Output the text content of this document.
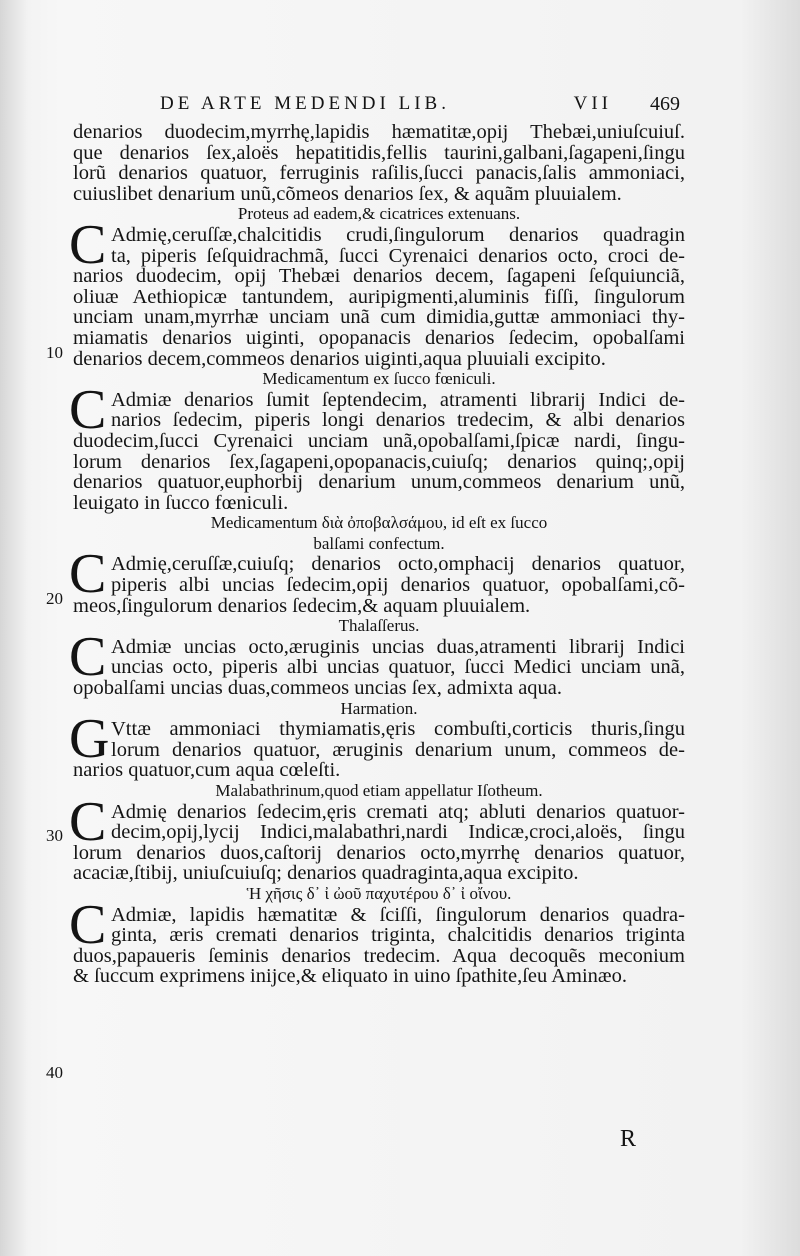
DE ARTE MEDENDI LIB.	VII 469
denarios duodecim,myrrhę,lapidis hæmatitæ,opij Thebæi,uniuſcuiuſ.
que denarios ſex,aloës hepatitidis,fellis taurini,galbani,ſagapeni,ſingu
lorũ denarios quatuor, ferruginis raſilis,ſucci panacis,ſalis ammoniaci,
cuiuslibet denarium unũ,cõmeos denarios ſex, & aquãm pluuialem.
Proteus ad eadem,& cicatrices extenuans.
C Admię,ceruſſæ,chalcitidis crudi,ſingulorum denarios quadragin
ta, piperis ſeſquidrachmã, ſucci Cyrenaici denarios octo, croci de-
narios duodecim, opij Thebæi denarios decem, ſagapeni ſeſquiunciã,
oliuæ Aethiopicæ tantundem, auripigmenti,aluminis fiſſi, ſingulorum
unciam unam,myrrhæ unciam unã cum dimidia,guttæ ammoniaci thy-
miamatis denarios uiginti, opopanacis denarios ſedecim, opobalſami
denarios decem,commeos denarios uiginti,aqua pluuiali excipito.
Medicamentum ex ſucco fœniculi.
C Admiæ denarios ſumit ſeptendecim, atramenti librarij Indici de-
narios ſedecim, piperis longi denarios tredecim, & albi denarios
duodecim,ſucci Cyrenaici unciam unã,opobalſami,ſpicæ nardi, ſingu-
lorum denarios ſex,ſagapeni,opopanacis,cuiuſq; denarios quinq;,opij
denarios quatuor,euphorbij denarium unum,commeos denarium unũ,
leuigato in ſucco fœniculi.
Medicamentum διὰ ὀποβαλσάμου, id eſt ex ſucco
balſami confectum.
C Admię,ceruſſæ,cuiuſq; denarios octo,omphacij denarios quatuor,
piperis albi uncias ſedecim,opij denarios quatuor, opobalſami,cõ-
meos,ſingulorum denarios ſedecim,& aquam pluuialem.
Thalaſſerus.
C Admiæ uncias octo,æruginis uncias duas,atramenti librarij Indici
uncias octo, piperis albi uncias quatuor, ſucci Medici unciam unã,
opobalſami uncias duas,commeos uncias ſex, admixta aqua.
Harmation.
G Vttæ ammoniaci thymiamatis,ęris combuſti,corticis thuris,ſingu
lorum denarios quatuor, æruginis denarium unum, commeos de-
narios quatuor,cum aqua cœleſti.
Malabathrinum,quod etiam appellatur Iſotheum.
C Admię denarios ſedecim,ęris cremati atq; abluti denarios quatuor-
decim,opij,lycij Indici,malabathri,nardi Indicæ,croci,aloës, ſingu
lorum denarios duos,caſtorij denarios octo,myrrhę denarios quatuor,
acaciæ,ſtibij, uniuſcuiuſq; denarios quadraginta,aqua excipito.
Ἡ χῆσις δ᾽ ἰ ὠοῦ παχυτέρου δ᾽ ἰ οἴνου.
C Admiæ, lapidis hæmatitæ & ſciſſi, ſingulorum denarios quadra-
ginta, æris cremati denarios triginta, chalcitidis denarios triginta
duos,papaueris ſeminis denarios tredecim. Aqua decoquẽs meconium
& ſuccum exprimens inijce,& eliquato in uino ſpathite,ſeu Aminæo.
10
20
30
40
R
